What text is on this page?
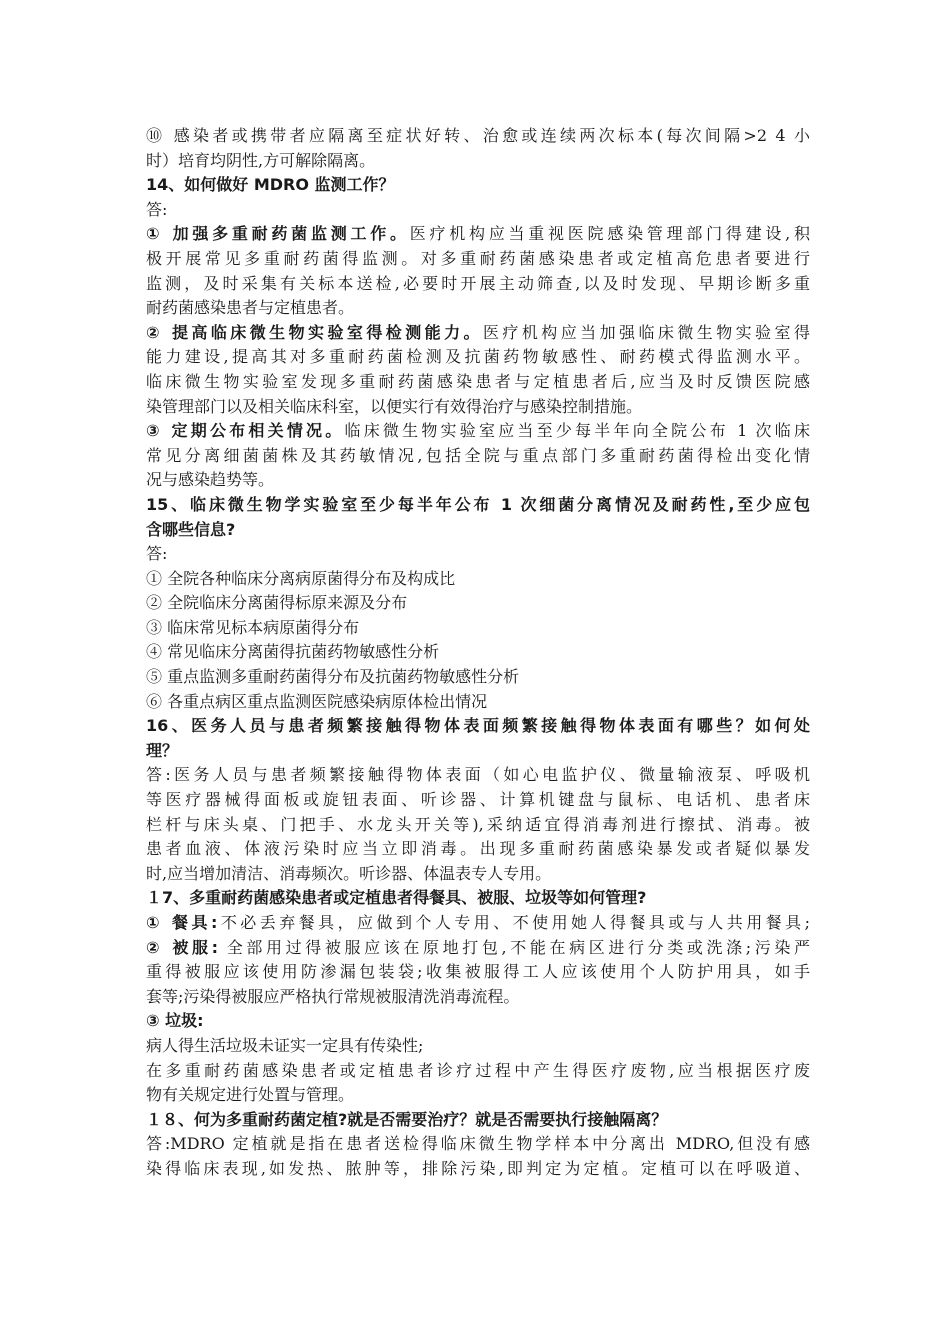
⑩ 感染者或携带者应隔离至症状好转、治愈或连续两次标本(每次间隔>2 4 小
时）培育均阴性,方可解除隔离。
14、如何做好 MDRO 监测工作？
答:
① 加强多重耐药菌监测工作。医疗机构应当重视医院感染管理部门得建设,积
极开展常见多重耐药菌得监测。对多重耐药菌感染患者或定植高危患者要进行
监测，及时采集有关标本送检,必要时开展主动筛查,以及时发现、早期诊断多重
耐药菌感染患者与定植患者。
② 提高临床微生物实验室得检测能力。医疗机构应当加强临床微生物实验室得
能力建设,提高其对多重耐药菌检测及抗菌药物敏感性、耐药模式得监测水平。
临床微生物实验室发现多重耐药菌感染患者与定植患者后,应当及时反馈医院感
染管理部门以及相关临床科室，以便实行有效得治疗与感染控制措施。
③ 定期公布相关情况。临床微生物实验室应当至少每半年向全院公布 1 次临床
常见分离细菌菌株及其药敏情况,包括全院与重点部门多重耐药菌得检出变化情
况与感染趋势等。
15、临床微生物学实验室至少每半年公布 1 次细菌分离情况及耐药性,至少应包
含哪些信息?
答:
① 全院各种临床分离病原菌得分布及构成比
② 全院临床分离菌得标原来源及分布
③ 临床常见标本病原菌得分布
④ 常见临床分离菌得抗菌药物敏感性分析
⑤ 重点监测多重耐药菌得分布及抗菌药物敏感性分析
⑥ 各重点病区重点监测医院感染病原体检出情况
16、医务人员与患者频繁接触得物体表面频繁接触得物体表面有哪些？如何处
理？
答:医务人员与患者频繁接触得物体表面（如心电监护仪、微量输液泵、呼吸机
等医疗器械得面板或旋钮表面、听诊器、计算机键盘与鼠标、电话机、患者床
栏杆与床头桌、门把手、水龙头开关等),采纳适宜得消毒剂进行擦拭、消毒。被
患者血液、体液污染时应当立即消毒。出现多重耐药菌感染暴发或者疑似暴发
时,应当增加清洁、消毒频次。听诊器、体温表专人专用。
１7、多重耐药菌感染患者或定植患者得餐具、被服、垃圾等如何管理?
① 餐具:不必丢弃餐具，应做到个人专用、不使用她人得餐具或与人共用餐具;
② 被服: 全部用过得被服应该在原地打包,不能在病区进行分类或洗涤;污染严
重得被服应该使用防渗漏包装袋;收集被服得工人应该使用个人防护用具，如手
套等;污染得被服应严格执行常规被服清洗消毒流程。
③ 垃圾:
病人得生活垃圾未证实一定具有传染性;
在多重耐药菌感染患者或定植患者诊疗过程中产生得医疗废物,应当根据医疗废
物有关规定进行处置与管理。
１８、何为多重耐药菌定植?就是否需要治疗？就是否需要执行接触隔离？
答:MDRO 定植就是指在患者送检得临床微生物学样本中分离出 MDRO,但没有感
染得临床表现,如发热、脓肿等，排除污染,即判定为定植。定植可以在呼吸道、
